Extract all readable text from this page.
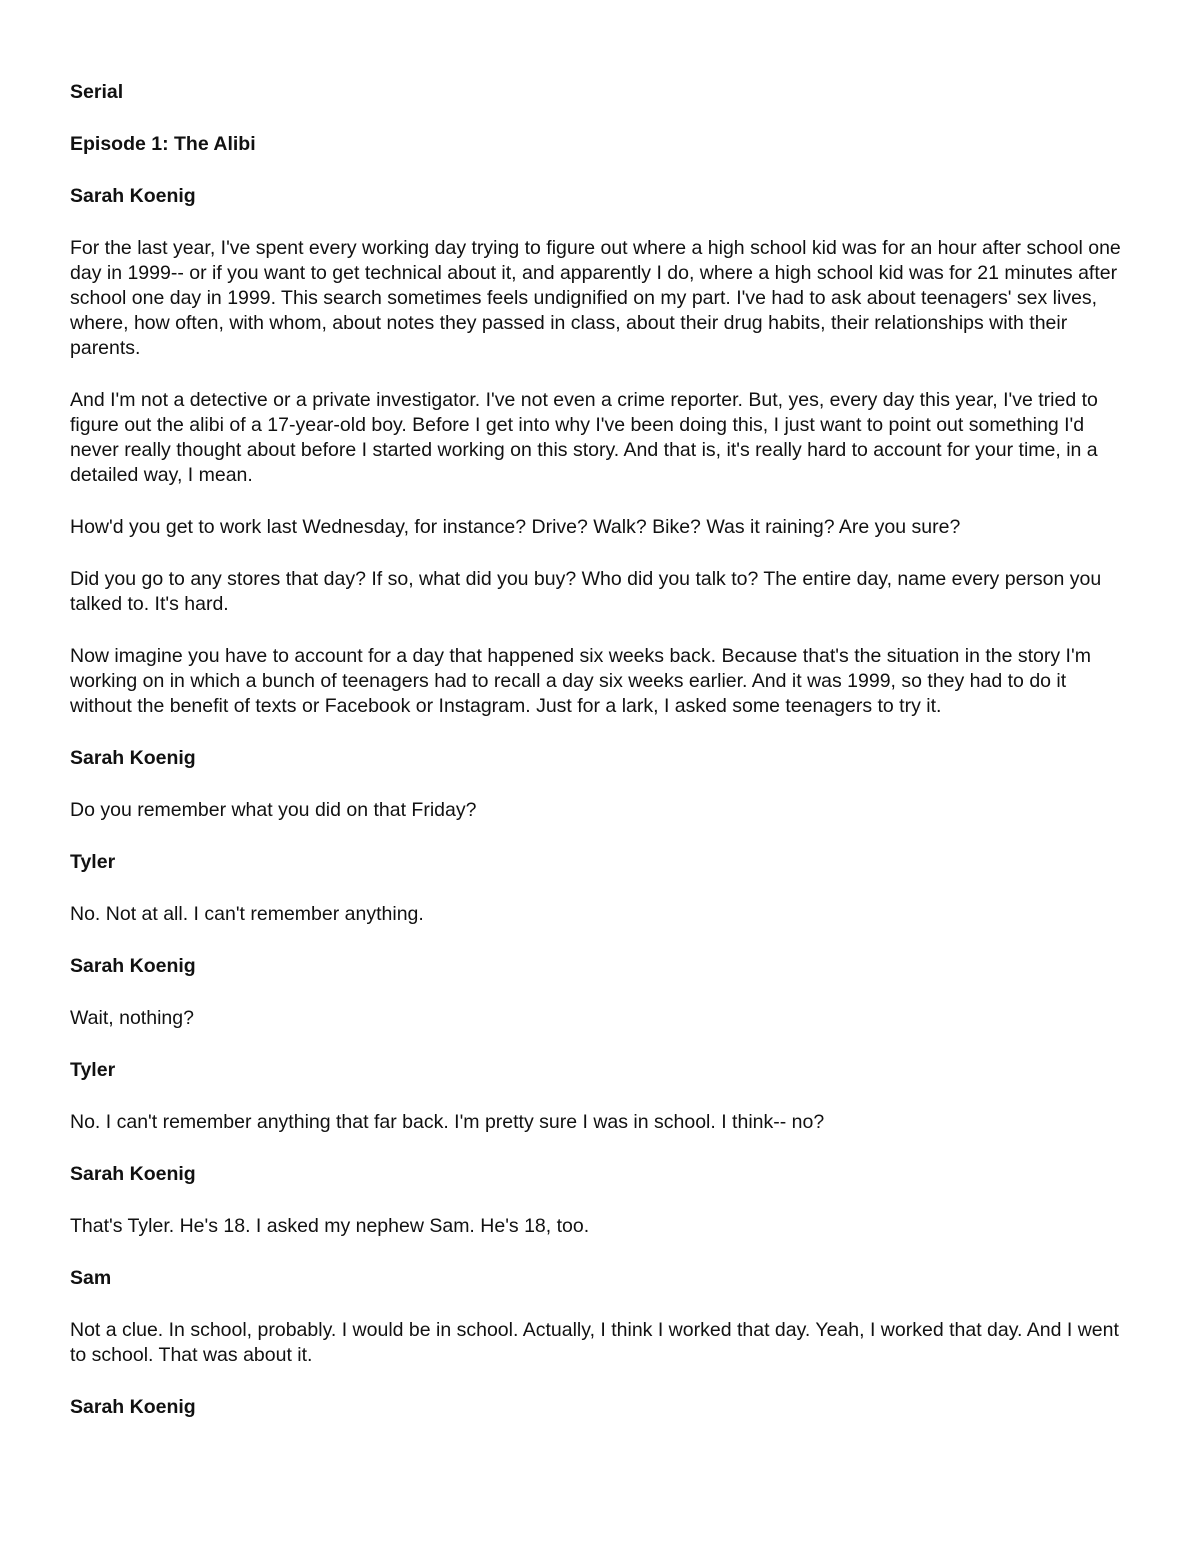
Serial

Episode 1: The Alibi

Sarah Koenig

For the last year, I've spent every working day trying to figure out where a high school kid was for an hour after school one day in 1999-- or if you want to get technical about it, and apparently I do, where a high school kid was for 21 minutes after school one day in 1999. This search sometimes feels undignified on my part. I've had to ask about teenagers' sex lives, where, how often, with whom, about notes they passed in class, about their drug habits, their relationships with their parents.

And I'm not a detective or a private investigator. I've not even a crime reporter. But, yes, every day this year, I've tried to figure out the alibi of a 17-year-old boy. Before I get into why I've been doing this, I just want to point out something I'd never really thought about before I started working on this story. And that is, it's really hard to account for your time, in a detailed way, I mean.

How'd you get to work last Wednesday, for instance? Drive? Walk? Bike? Was it raining? Are you sure?

Did you go to any stores that day? If so, what did you buy? Who did you talk to? The entire day, name every person you talked to. It's hard.

Now imagine you have to account for a day that happened six weeks back. Because that's the situation in the story I'm working on in which a bunch of teenagers had to recall a day six weeks earlier. And it was 1999, so they had to do it without the benefit of texts or Facebook or Instagram. Just for a lark, I asked some teenagers to try it.

Sarah Koenig

Do you remember what you did on that Friday?

Tyler

No. Not at all. I can't remember anything.

Sarah Koenig

Wait, nothing?

Tyler

No. I can't remember anything that far back. I'm pretty sure I was in school. I think-- no?

Sarah Koenig

That's Tyler. He's 18. I asked my nephew Sam. He's 18, too.

Sam

Not a clue. In school, probably. I would be in school. Actually, I think I worked that day. Yeah, I worked that day. And I went to school. That was about it.

Sarah Koenig
